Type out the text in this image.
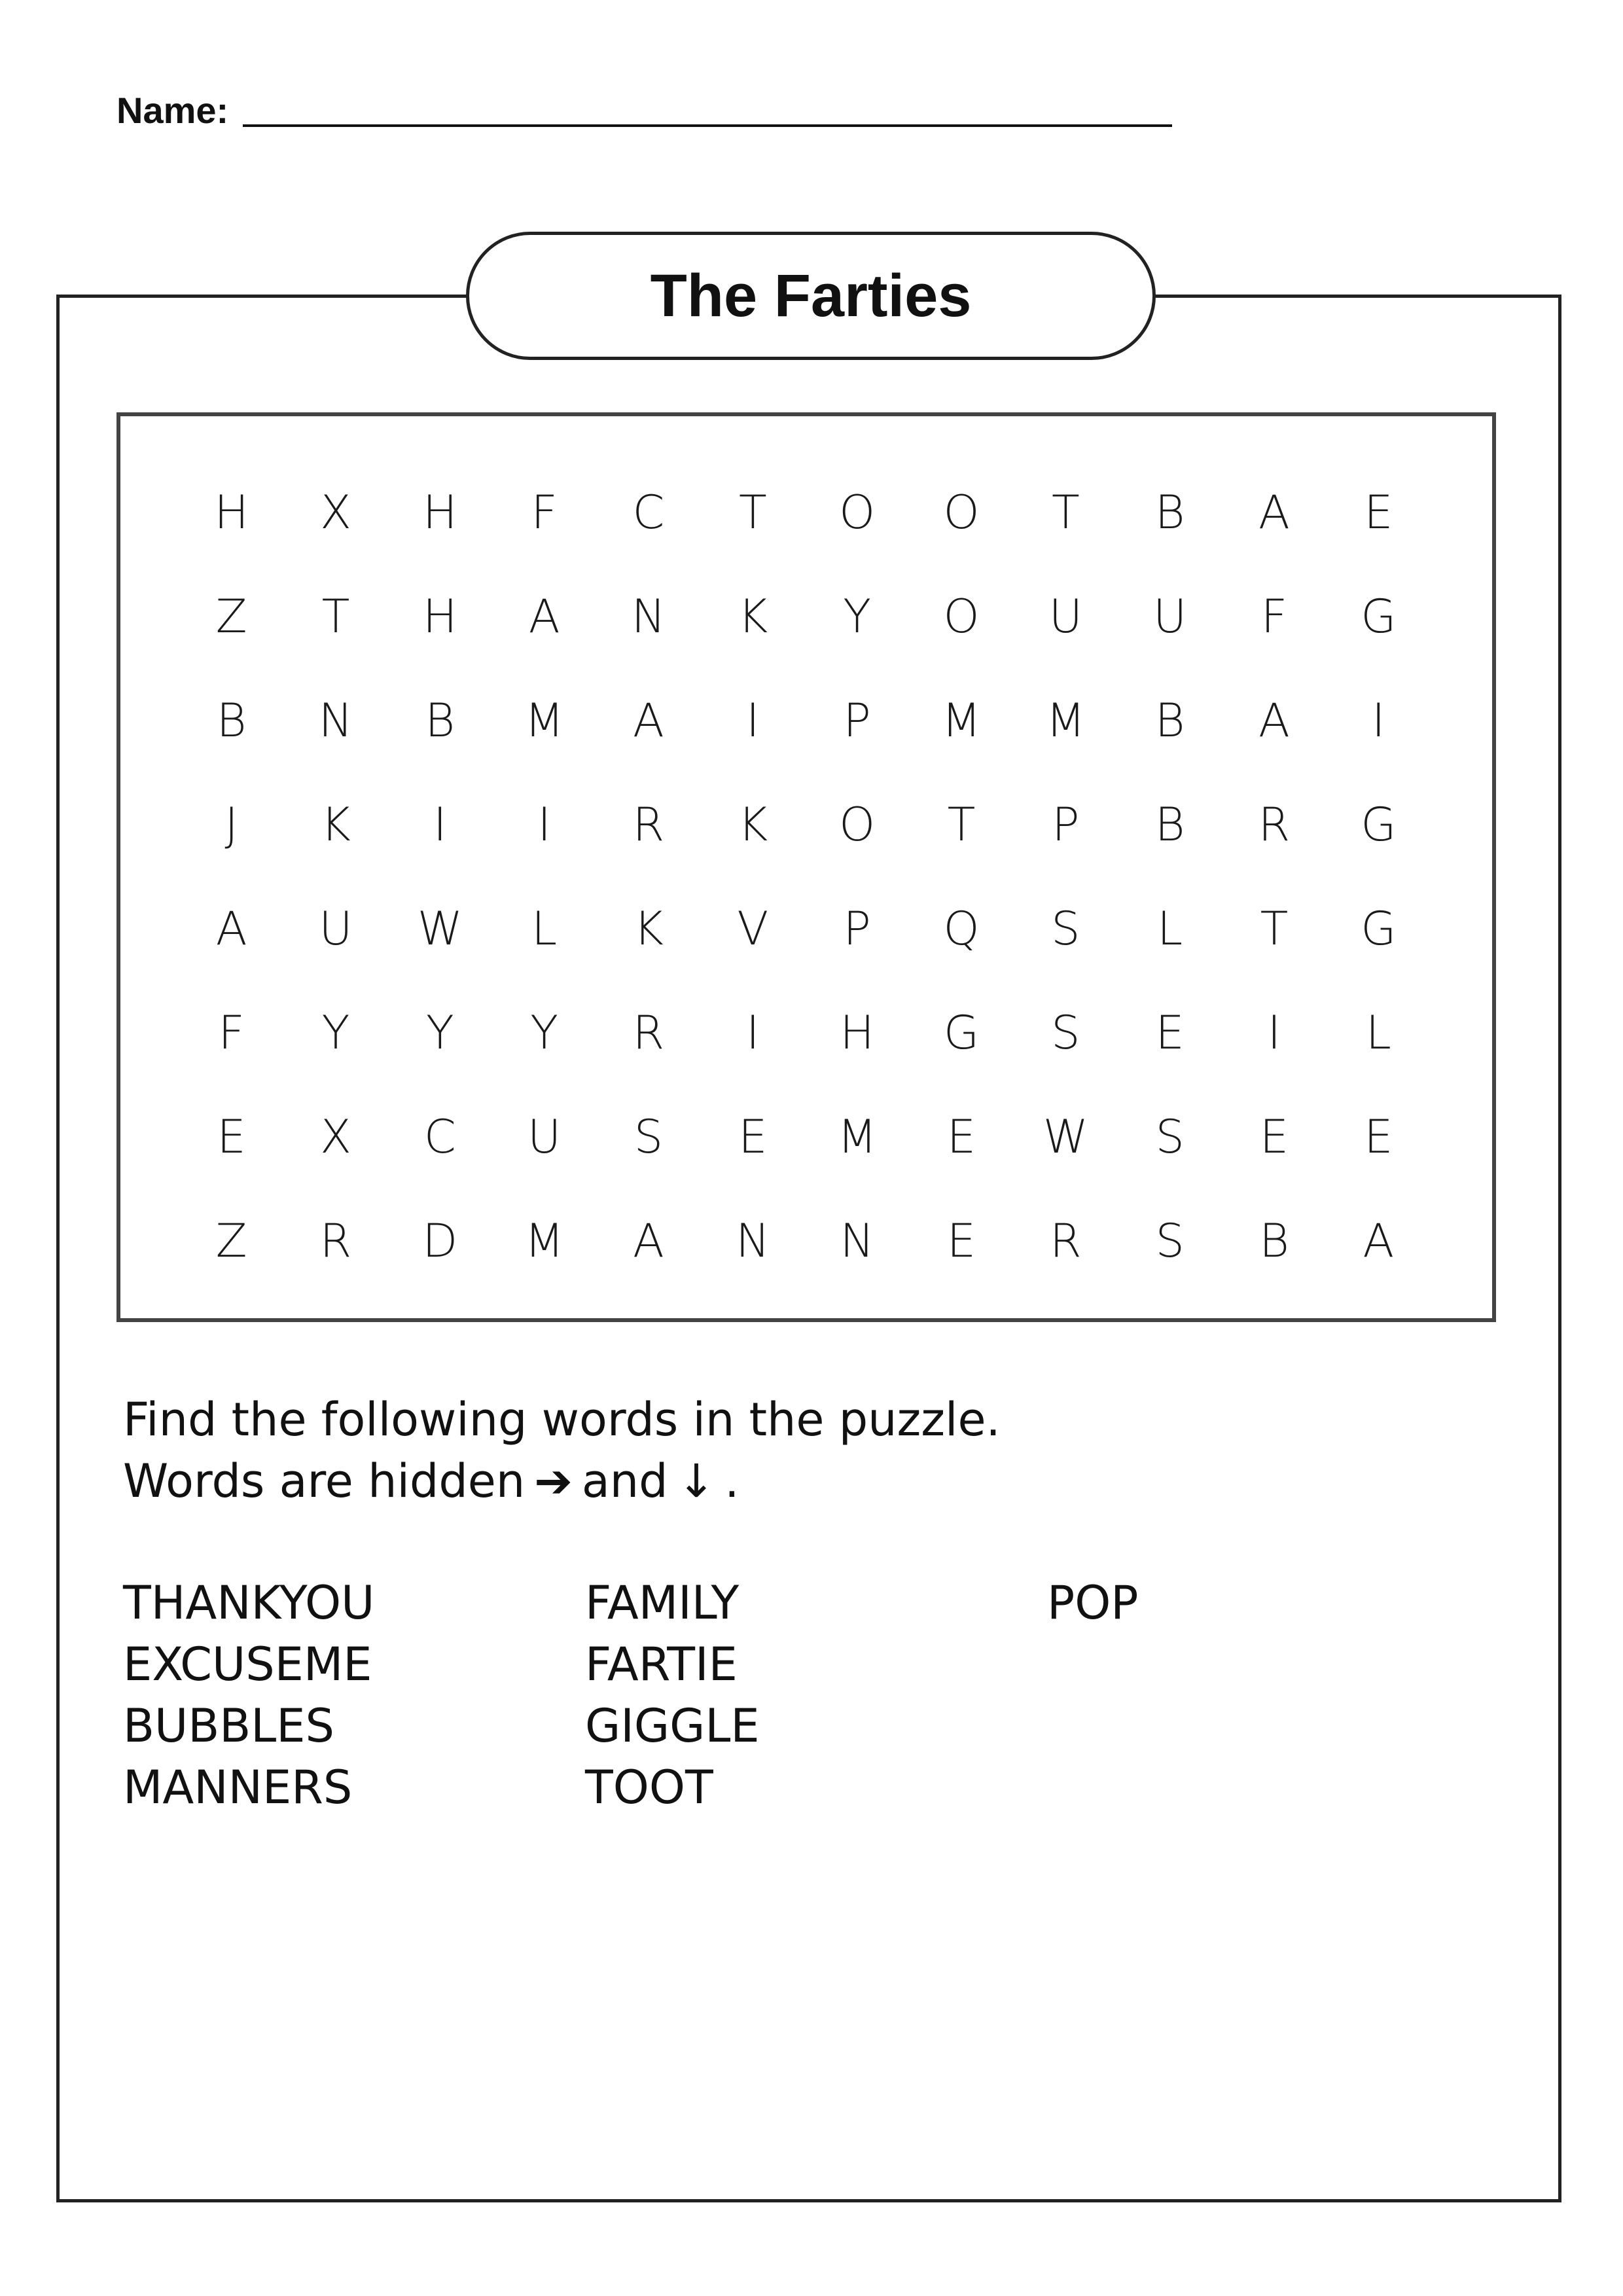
Name:
The Farties
H	X	H	F	C	T	O	O	T	B	A	E
Z	T	H	A	N	K	Y	O	U	U	F	G
B	N	B	M	A	I	P	M	M	B	A	I
J	K	I	I	R	K	O	T	P	B	R	G
A	U	W	L	K	V	P	Q	S	L	T	G
F	Y	Y	Y	R	I	H	G	S	E	I	L
E	X	C	U	S	E	M	E	W	S	E	E
Z	R	D	M	A	N	N	E	R	S	B	A
Find the following words in the puzzle.
Words are hidden ➔ and ↓ .
THANKYOU
EXCUSEME
BUBBLES
MANNERS
FAMILY
FARTIE
GIGGLE
TOOT
POP
